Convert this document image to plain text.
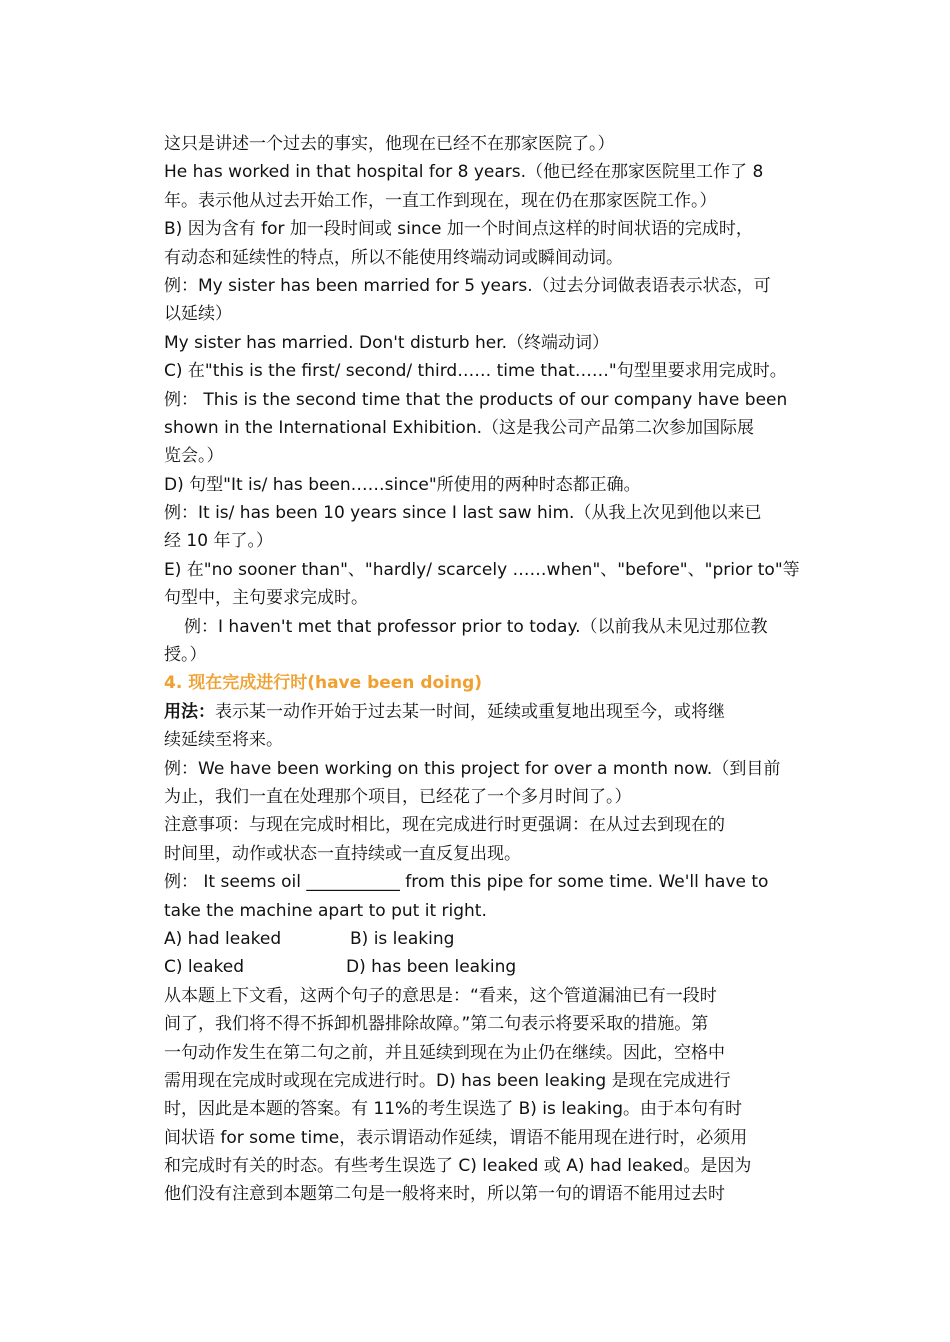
这只是讲述一个过去的事实，他现在已经不在那家医院了。）
He has worked in that hospital for 8 years.（他已经在那家医院里工作了 8
年。表示他从过去开始工作，一直工作到现在，现在仍在那家医院工作。）
B) 因为含有 for 加一段时间或 since 加一个时间点这样的时间状语的完成时，
有动态和延续性的特点，所以不能使用终端动词或瞬间动词。
例：My sister has been married for 5 years.（过去分词做表语表示状态，可
以延续）
My sister has married. Don't disturb her.（终端动词）
C) 在"this is the first/ second/ third…… time that……"句型里要求用完成时。
例： This is the second time that the products of our company have been
shown in the International Exhibition.（这是我公司产品第二次参加国际展
览会。）
D) 句型"It is/ has been……since"所使用的两种时态都正确。
例：It is/ has been 10 years since I last saw him.（从我上次见到他以来已
经 10 年了。）
E) 在"no sooner than"、"hardly/ scarcely ……when"、"before"、"prior to"等
句型中，主句要求完成时。
例：I haven't met that professor prior to today.（以前我从未见过那位教
授。）
4. 现在完成进行时(have been doing)
用法：表示某一动作开始于过去某一时间，延续或重复地出现至今，或将继
续延续至将来。
例：We have been working on this project for over a month now.（到目前
为止，我们一直在处理那个项目，已经花了一个多月时间了。）
注意事项：与现在完成时相比，现在完成进行时更强调：在从过去到现在的
时间里，动作或状态一直持续或一直反复出现。
例： It seems oil ___________ from this pipe for some time. We'll have to
take the machine apart to put it right.
A) had leaked	B) is leaking
C) leaked	D) has been leaking
从本题上下文看，这两个句子的意思是：“看来，这个管道漏油已有一段时
间了，我们将不得不拆卸机器排除故障。”第二句表示将要采取的措施。第
一句动作发生在第二句之前，并且延续到现在为止仍在继续。因此，空格中
需用现在完成时或现在完成进行时。D) has been leaking 是现在完成进行
时，因此是本题的答案。有 11%的考生误选了 B) is leaking。由于本句有时
间状语 for some time，表示谓语动作延续，谓语不能用现在进行时，必须用
和完成时有关的时态。有些考生误选了 C) leaked 或 A) had leaked。是因为
他们没有注意到本题第二句是一般将来时，所以第一句的谓语不能用过去时
